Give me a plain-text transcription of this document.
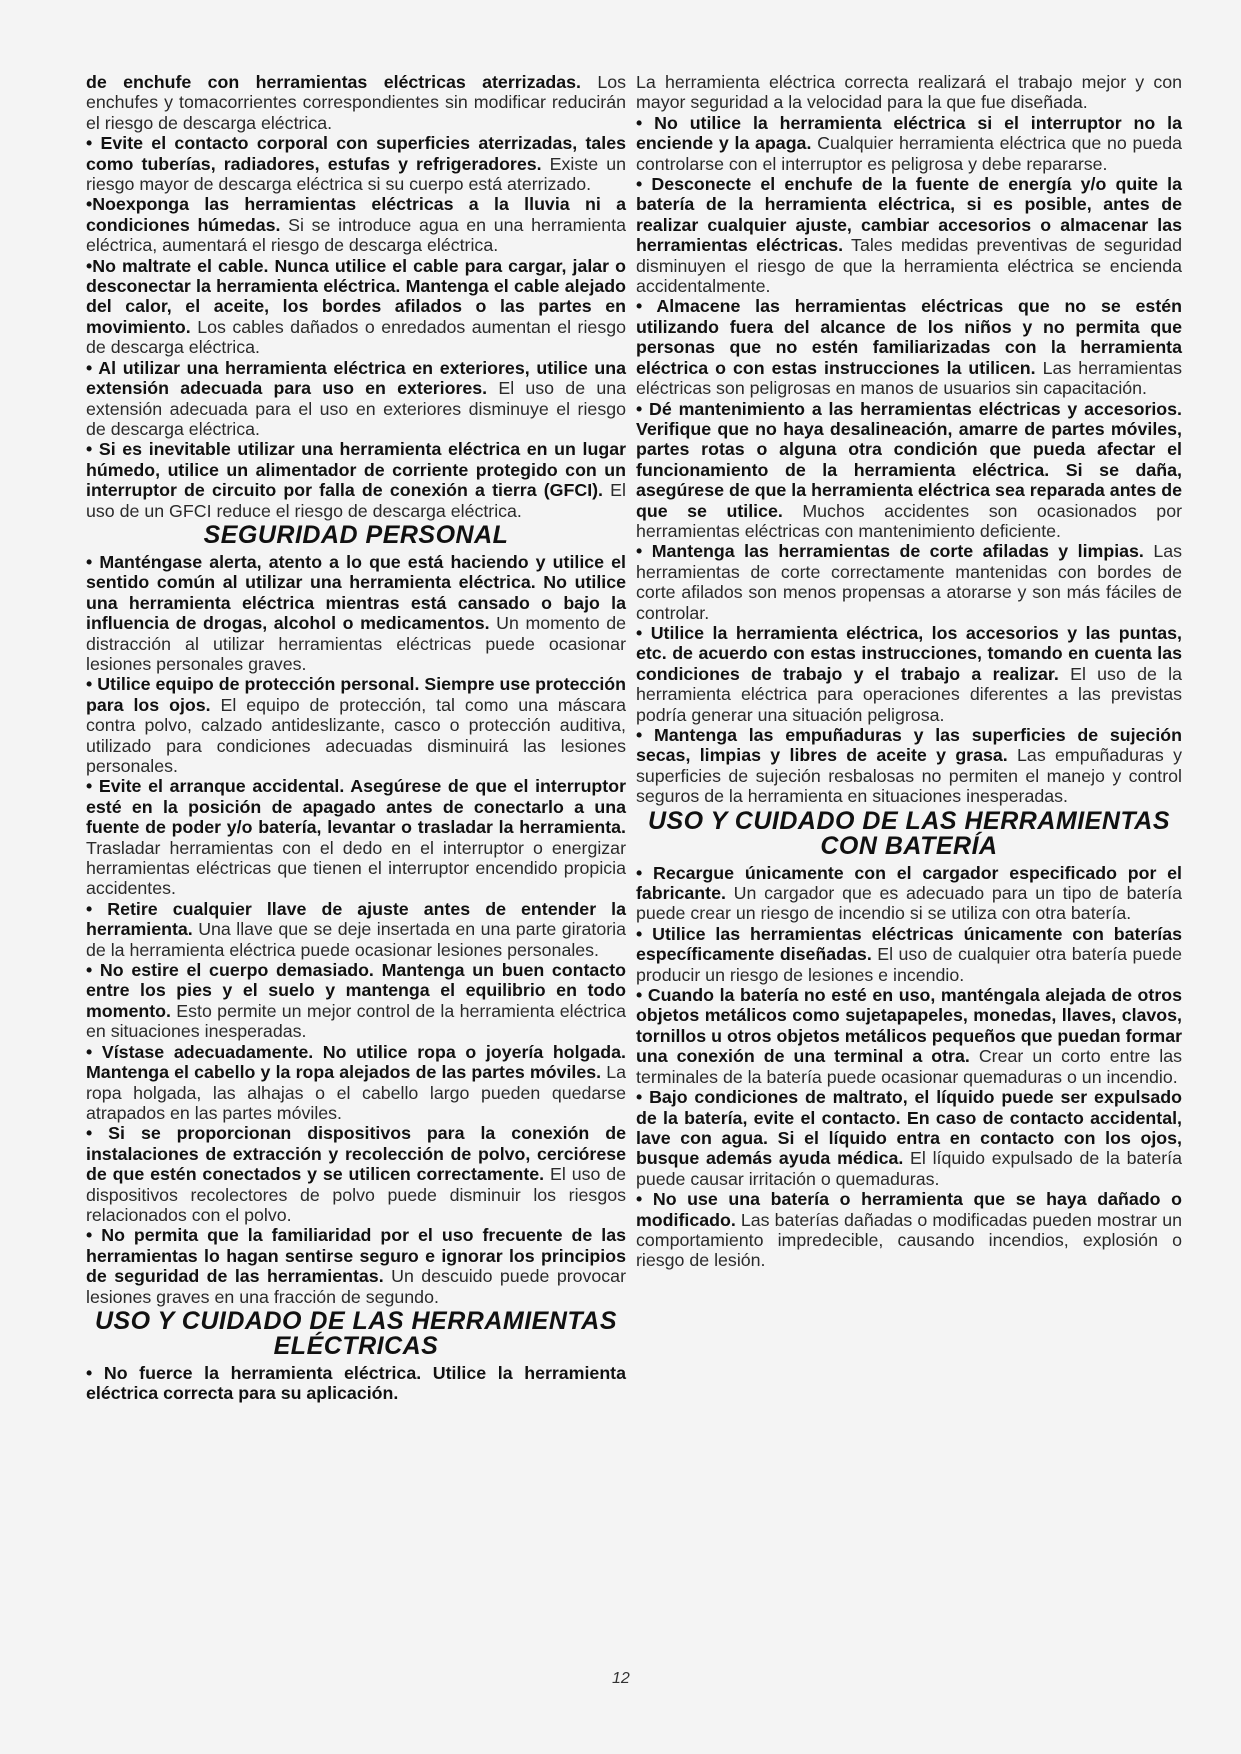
de enchufe con herramientas eléctricas aterrizadas. Los enchufes y tomacorrientes correspondientes sin modificar reducirán el riesgo de descarga eléctrica.

• Evite el contacto corporal con superficies aterrizadas, tales como tuberías, radiadores, estufas y refrigeradores. Existe un riesgo mayor de descarga eléctrica si su cuerpo está aterrizado.

•Noexponga las herramientas eléctricas a la lluvia ni a condiciones húmedas. Si se introduce agua en una herramienta eléctrica, aumentará el riesgo de descarga eléctrica.

•No maltrate el cable. Nunca utilice el cable para cargar, jalar o desconectar la herramienta eléctrica. Mantenga el cable alejado del calor, el aceite, los bordes afilados o las partes en movimiento. Los cables dañados o enredados aumentan el riesgo de descarga eléctrica.

• Al utilizar una herramienta eléctrica en exteriores, utilice una extensión adecuada para uso en exteriores. El uso de una extensión adecuada para el uso en exteriores disminuye el riesgo de descarga eléctrica.

• Si es inevitable utilizar una herramienta eléctrica en un lugar húmedo, utilice un alimentador de corriente protegido con un interruptor de circuito por falla de conexión a tierra (GFCI). El uso de un GFCI reduce el riesgo de descarga eléctrica.

SEGURIDAD PERSONAL

• Manténgase alerta, atento a lo que está haciendo y utilice el sentido común al utilizar una herramienta eléctrica. No utilice una herramienta eléctrica mientras está cansado o bajo la influencia de drogas, alcohol o medicamentos. Un momento de distracción al utilizar herramientas eléctricas puede ocasionar lesiones personales graves.

• Utilice equipo de protección personal. Siempre use protección para los ojos. El equipo de protección, tal como una máscara contra polvo, calzado antideslizante, casco o protección auditiva, utilizado para condiciones adecuadas disminuirá las lesiones personales.

• Evite el arranque accidental. Asegúrese de que el interruptor esté en la posición de apagado antes de conectarlo a una fuente de poder y/o batería, levantar o trasladar la herramienta. Trasladar herramientas con el dedo en el interruptor o energizar herramientas eléctricas que tienen el interruptor encendido propicia accidentes.

• Retire cualquier llave de ajuste antes de entender la herramienta. Una llave que se deje insertada en una parte giratoria de la herramienta eléctrica puede ocasionar lesiones personales.

• No estire el cuerpo demasiado. Mantenga un buen contacto entre los pies y el suelo y mantenga el equilibrio en todo momento. Esto permite un mejor control de la herramienta eléctrica en situaciones inesperadas.

• Vístase adecuadamente. No utilice ropa o joyería holgada. Mantenga el cabello y la ropa alejados de las partes móviles. La ropa holgada, las alhajas o el cabello largo pueden quedarse atrapados en las partes móviles.

• Si se proporcionan dispositivos para la conexión de instalaciones de extracción y recolección de polvo, cerciórese de que estén conectados y se utilicen correctamente. El uso de dispositivos recolectores de polvo puede disminuir los riesgos relacionados con el polvo.

• No permita que la familiaridad por el uso frecuente de las herramientas lo hagan sentirse seguro e ignorar los principios de seguridad de las herramientas. Un descuido puede provocar lesiones graves en una fracción de segundo.

USO Y CUIDADO DE LAS HERRAMIENTAS ELÉCTRICAS

• No fuerce la herramienta eléctrica. Utilice la herramienta eléctrica correcta para su aplicación.

La herramienta eléctrica correcta realizará el trabajo mejor y con mayor seguridad a la velocidad para la que fue diseñada.

• No utilice la herramienta eléctrica si el interruptor no la enciende y la apaga. Cualquier herramienta eléctrica que no pueda controlarse con el interruptor es peligrosa y debe repararse.

• Desconecte el enchufe de la fuente de energía y/o quite la batería de la herramienta eléctrica, si es posible, antes de realizar cualquier ajuste, cambiar accesorios o almacenar las herramientas eléctricas. Tales medidas preventivas de seguridad disminuyen el riesgo de que la herramienta eléctrica se encienda accidentalmente.

• Almacene las herramientas eléctricas que no se estén utilizando fuera del alcance de los niños y no permita que personas que no estén familiarizadas con la herramienta eléctrica o con estas instrucciones la utilicen. Las herramientas eléctricas son peligrosas en manos de usuarios sin capacitación.

• Dé mantenimiento a las herramientas eléctricas y accesorios. Verifique que no haya desalineación, amarre de partes móviles, partes rotas o alguna otra condición que pueda afectar el funcionamiento de la herramienta eléctrica. Si se daña, asegúrese de que la herramienta eléctrica sea reparada antes de que se utilice. Muchos accidentes son ocasionados por herramientas eléctricas con mantenimiento deficiente.

• Mantenga las herramientas de corte afiladas y limpias. Las herramientas de corte correctamente mantenidas con bordes de corte afilados son menos propensas a atorarse y son más fáciles de controlar.

• Utilice la herramienta eléctrica, los accesorios y las puntas, etc. de acuerdo con estas instrucciones, tomando en cuenta las condiciones de trabajo y el trabajo a realizar. El uso de la herramienta eléctrica para operaciones diferentes a las previstas podría generar una situación peligrosa.

• Mantenga las empuñaduras y las superficies de sujeción secas, limpias y libres de aceite y grasa. Las empuñaduras y superficies de sujeción resbalosas no permiten el manejo y control seguros de la herramienta en situaciones inesperadas.

USO Y CUIDADO DE LAS HERRAMIENTAS CON BATERÍA

• Recargue únicamente con el cargador especificado por el fabricante. Un cargador que es adecuado para un tipo de batería puede crear un riesgo de incendio si se utiliza con otra batería.

• Utilice las herramientas eléctricas únicamente con baterías específicamente diseñadas. El uso de cualquier otra batería puede producir un riesgo de lesiones e incendio.

• Cuando la batería no esté en uso, manténgala alejada de otros objetos metálicos como sujetapapeles, monedas, llaves, clavos, tornillos u otros objetos metálicos pequeños que puedan formar una conexión de una terminal a otra. Crear un corto entre las terminales de la batería puede ocasionar quemaduras o un incendio.

• Bajo condiciones de maltrato, el líquido puede ser expulsado de la batería, evite el contacto. En caso de contacto accidental, lave con agua. Si el líquido entra en contacto con los ojos, busque además ayuda médica. El líquido expulsado de la batería puede causar irritación o quemaduras.

• No use una batería o herramienta que se haya dañado o modificado. Las baterías dañadas o modificadas pueden mostrar un comportamiento impredecible, causando incendios, explosión o riesgo de lesión.

12
